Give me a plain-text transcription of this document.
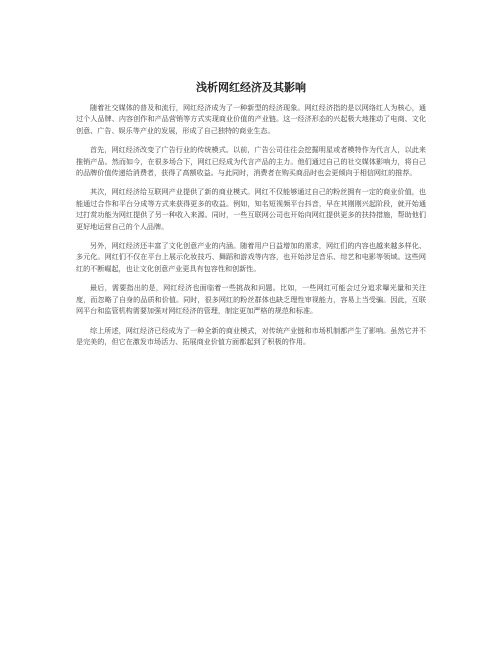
浅析网红经济及其影响

随着社交媒体的普及和流行，网红经济成为了一种新型的经济现象。网红经济指的是以网络红人为核心，通过个人品牌、内容创作和产品营销等方式实现商业价值的产业链。这一经济形态的兴起极大地推动了电商、文化创意、广告、娱乐等产业的发展，形成了自己独特的商业生态。

首先，网红经济改变了广告行业的传统模式。以前，广告公司往往会挖掘明星或者模特作为代言人，以此来推销产品。然而如今，在很多场合下，网红已经成为代言产品的主力。他们通过自己的社交媒体影响力，将自己的品牌价值传递给消费者，获得了高额收益。与此同时，消费者在购买商品时也会更倾向于相信网红的推荐。

其次，网红经济给互联网产业提供了新的商业模式。网红不仅能够通过自己的粉丝拥有一定的商业价值，也能通过合作和平台分成等方式来获得更多的收益。例如，知名短视频平台抖音，早在其刚刚兴起阶段，就开始通过打赏功能为网红提供了另一种收入来源。同时，一些互联网公司也开始向网红提供更多的扶持措施，帮助他们更好地运营自己的个人品牌。

另外，网红经济还丰富了文化创意产业的内涵。随着用户日益增加的需求，网红们的内容也越来越多样化、多元化。网红们不仅在平台上展示化妆技巧、舞蹈和游戏等内容，也开始涉足音乐、综艺和电影等领域。这些网红的不断崛起，也让文化创意产业更具有包容性和创新性。

最后，需要指出的是，网红经济也面临着一些挑战和问题。比如，一些网红可能会过分追求曝光量和关注度，而忽略了自身的品质和价值。同时，很多网红的粉丝群体也缺乏理性审视能力，容易上当受骗。因此，互联网平台和监管机构需要加强对网红经济的管理，制定更加严格的规范和标准。

综上所述，网红经济已经成为了一种全新的商业模式，对传统产业链和市场机制都产生了影响。虽然它并不是完美的，但它在激发市场活力、拓展商业价值方面都起到了积极的作用。
